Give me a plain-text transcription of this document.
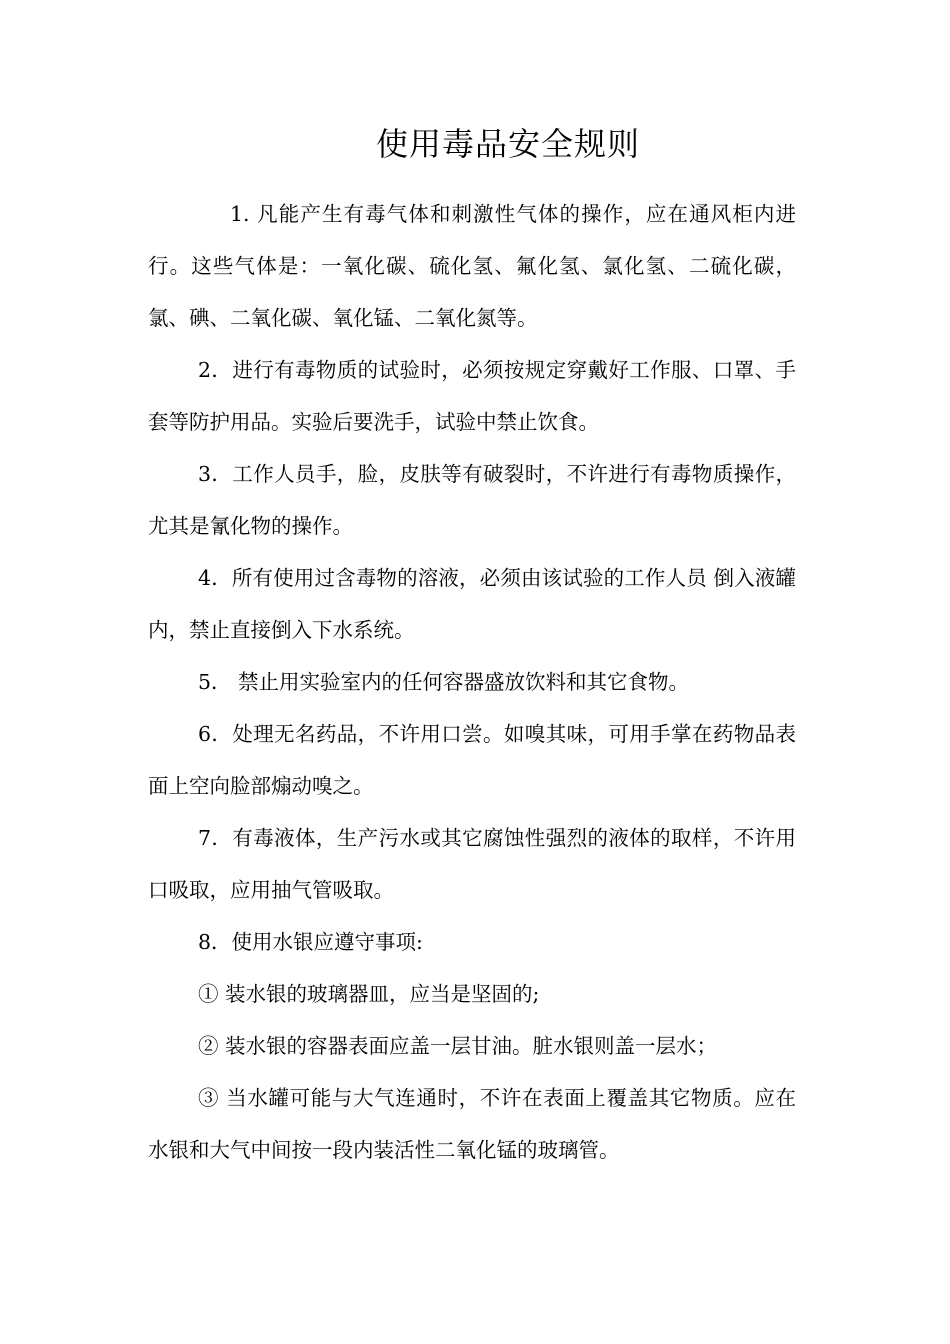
使用毒品安全规则

1. 凡能产生有毒气体和刺激性气体的操作，应在通风柜内进行。这些气体是：一氧化碳、硫化氢、氟化氢、氯化氢、二硫化碳，氯、碘、二氧化碳、氧化锰、二氧化氮等。

2．进行有毒物质的试验时，必须按规定穿戴好工作服、口罩、手套等防护用品。实验后要洗手，试验中禁止饮食。

3．工作人员手，脸，皮肤等有破裂时，不许进行有毒物质操作，尤其是氰化物的操作。

4．所有使用过含毒物的溶液，必须由该试验的工作人员 倒入液罐内，禁止直接倒入下水系统。

5． 禁止用实验室内的任何容器盛放饮料和其它食物。

6．处理无名药品，不许用口尝。如嗅其味，可用手掌在药物品表面上空向脸部煽动嗅之。

7．有毒液体，生产污水或其它腐蚀性强烈的液体的取样，不许用口吸取，应用抽气管吸取。

8．使用水银应遵守事项:

① 装水银的玻璃器皿，应当是坚固的;

② 装水银的容器表面应盖一层甘油。脏水银则盖一层水；

③ 当水罐可能与大气连通时，不许在表面上覆盖其它物质。应在水银和大气中间按一段内装活性二氧化锰的玻璃管。
